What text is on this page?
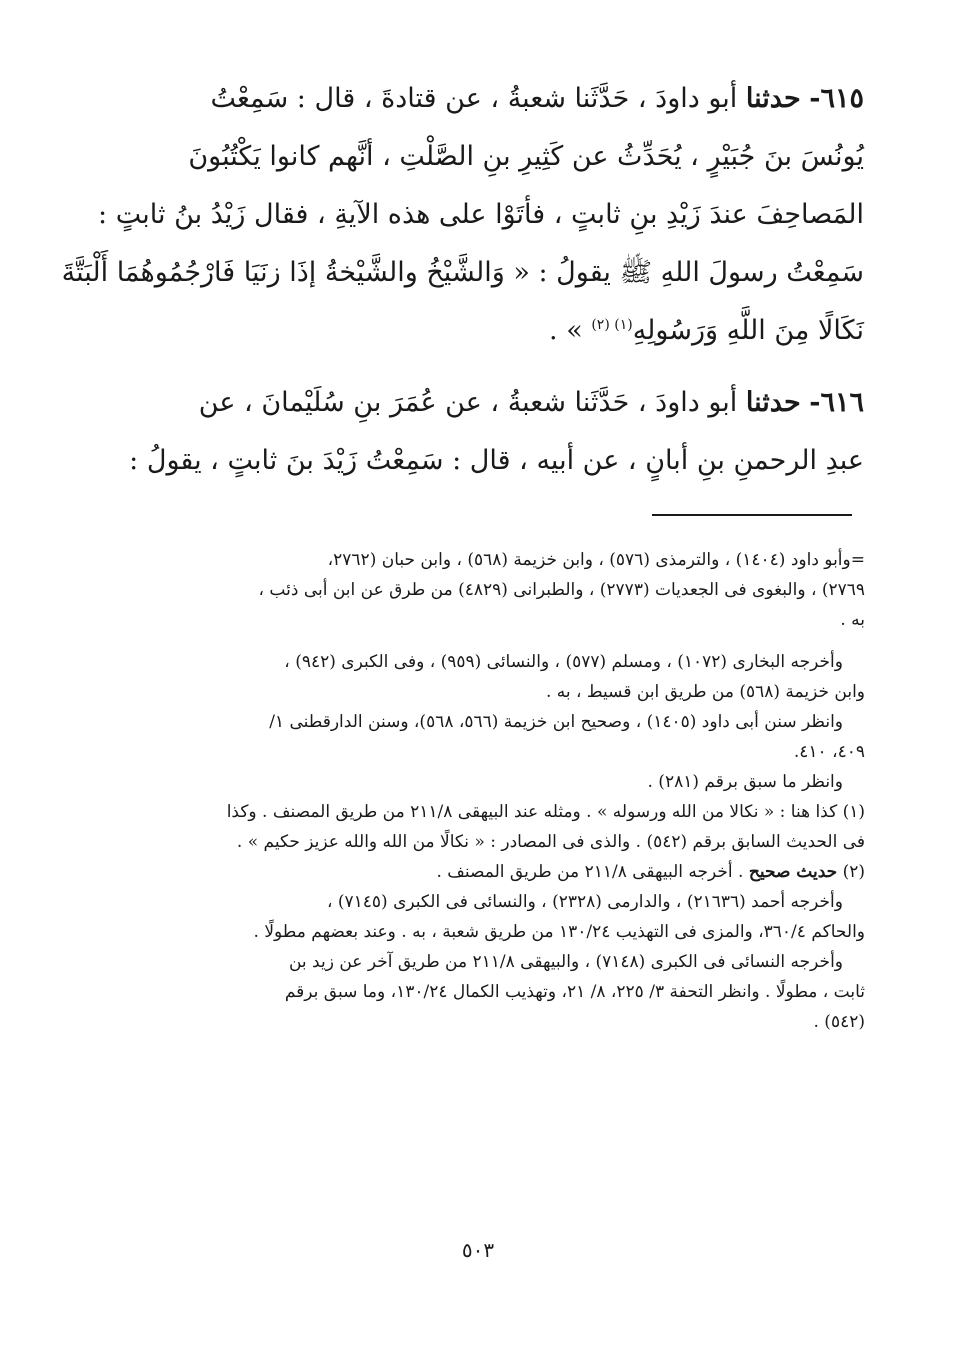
٦١٥- حدثنا أبو داودَ ، حَدَّثَنا شعبةُ ، عن قتادةَ ، قال : سَمِعْتُ
يُونُسَ بنَ جُبَيْرٍ ، يُحَدِّثُ عن كَثِيرِ بنِ الصَّلْتِ ، أنَّهم كانوا يَكْتُبُونَ
المَصاحِفَ عندَ زَيْدِ بنِ ثابتٍ ، فأتَوْا على هذه الآيةِ ، فقال زَيْدُ بنُ ثابتٍ :
سَمِعْتُ رسولَ اللهِ ﷺ يقولُ : « وَالشَّيْخُ والشَّيْخةُ إذَا زنَيَا فَارْجُمُوهُمَا أَلْبَتَّةَ
نَكَالًا مِنَ اللَّهِ وَرَسُولِهِ$^{(١) (٢)}$ » .
٦١٦- حدثنا أبو داودَ ، حَدَّثَنا شعبةُ ، عن عُمَرَ بنِ سُلَيْمانَ ، عن
عبدِ الرحمنِ بنِ أبانٍ ، عن أبيه ، قال : سَمِعْتُ زَيْدَ بنَ ثابتٍ ، يقولُ :
=وأبو داود (١٤٠٤) ، والترمذى (٥٧٦) ، وابن خزيمة (٥٦٨) ، وابن حبان (٢٧٦٢،
٢٧٦٩) ، والبغوى فى الجعديات (٢٧٧٣) ، والطبرانى (٤٨٢٩) من طرق عن ابن أبى ذئب ،
به .
وأخرجه البخارى (١٠٧٢) ، ومسلم (٥٧٧) ، والنسائى (٩٥٩) ، وفى الكبرى (٩٤٢) ،
وابن خزيمة (٥٦٨) من طريق ابن قسيط ، به .
وانظر سنن أبى داود (١٤٠٥) ، وصحيح ابن خزيمة (٥٦٦، ٥٦٨)، وسنن الدارقطنى ١/
٤٠٩، ٤١٠.
وانظر ما سبق برقم (٢٨١) .
(١) كذا هنا : « نكالا من الله ورسوله » . ومثله عند البيهقى ٢١١/٨ من طريق المصنف . وكذا
فى الحديث السابق برقم (٥٤٢) . والذى فى المصادر : « نكالًا من الله والله عزيز حكيم » .
(٢) حديث صحيح . أخرجه البيهقى ٢١١/٨ من طريق المصنف .
وأخرجه أحمد (٢١٦٣٦) ، والدارمى (٢٣٢٨) ، والنسائى فى الكبرى (٧١٤٥) ،
والحاكم ٣٦٠/٤، والمزى فى التهذيب ١٣٠/٢٤ من طريق شعبة ، به . وعند بعضهم مطولًا .
وأخرجه النسائى فى الكبرى (٧١٤٨) ، والبيهقى ٢١١/٨ من طريق آخر عن زيد بن
ثابت ، مطولًا . وانظر التحفة ٣/ ٢٢٥، ٨/ ٢١، وتهذيب الكمال ١٣٠/٢٤، وما سبق برقم
(٥٤٢) .
٥٠٣
